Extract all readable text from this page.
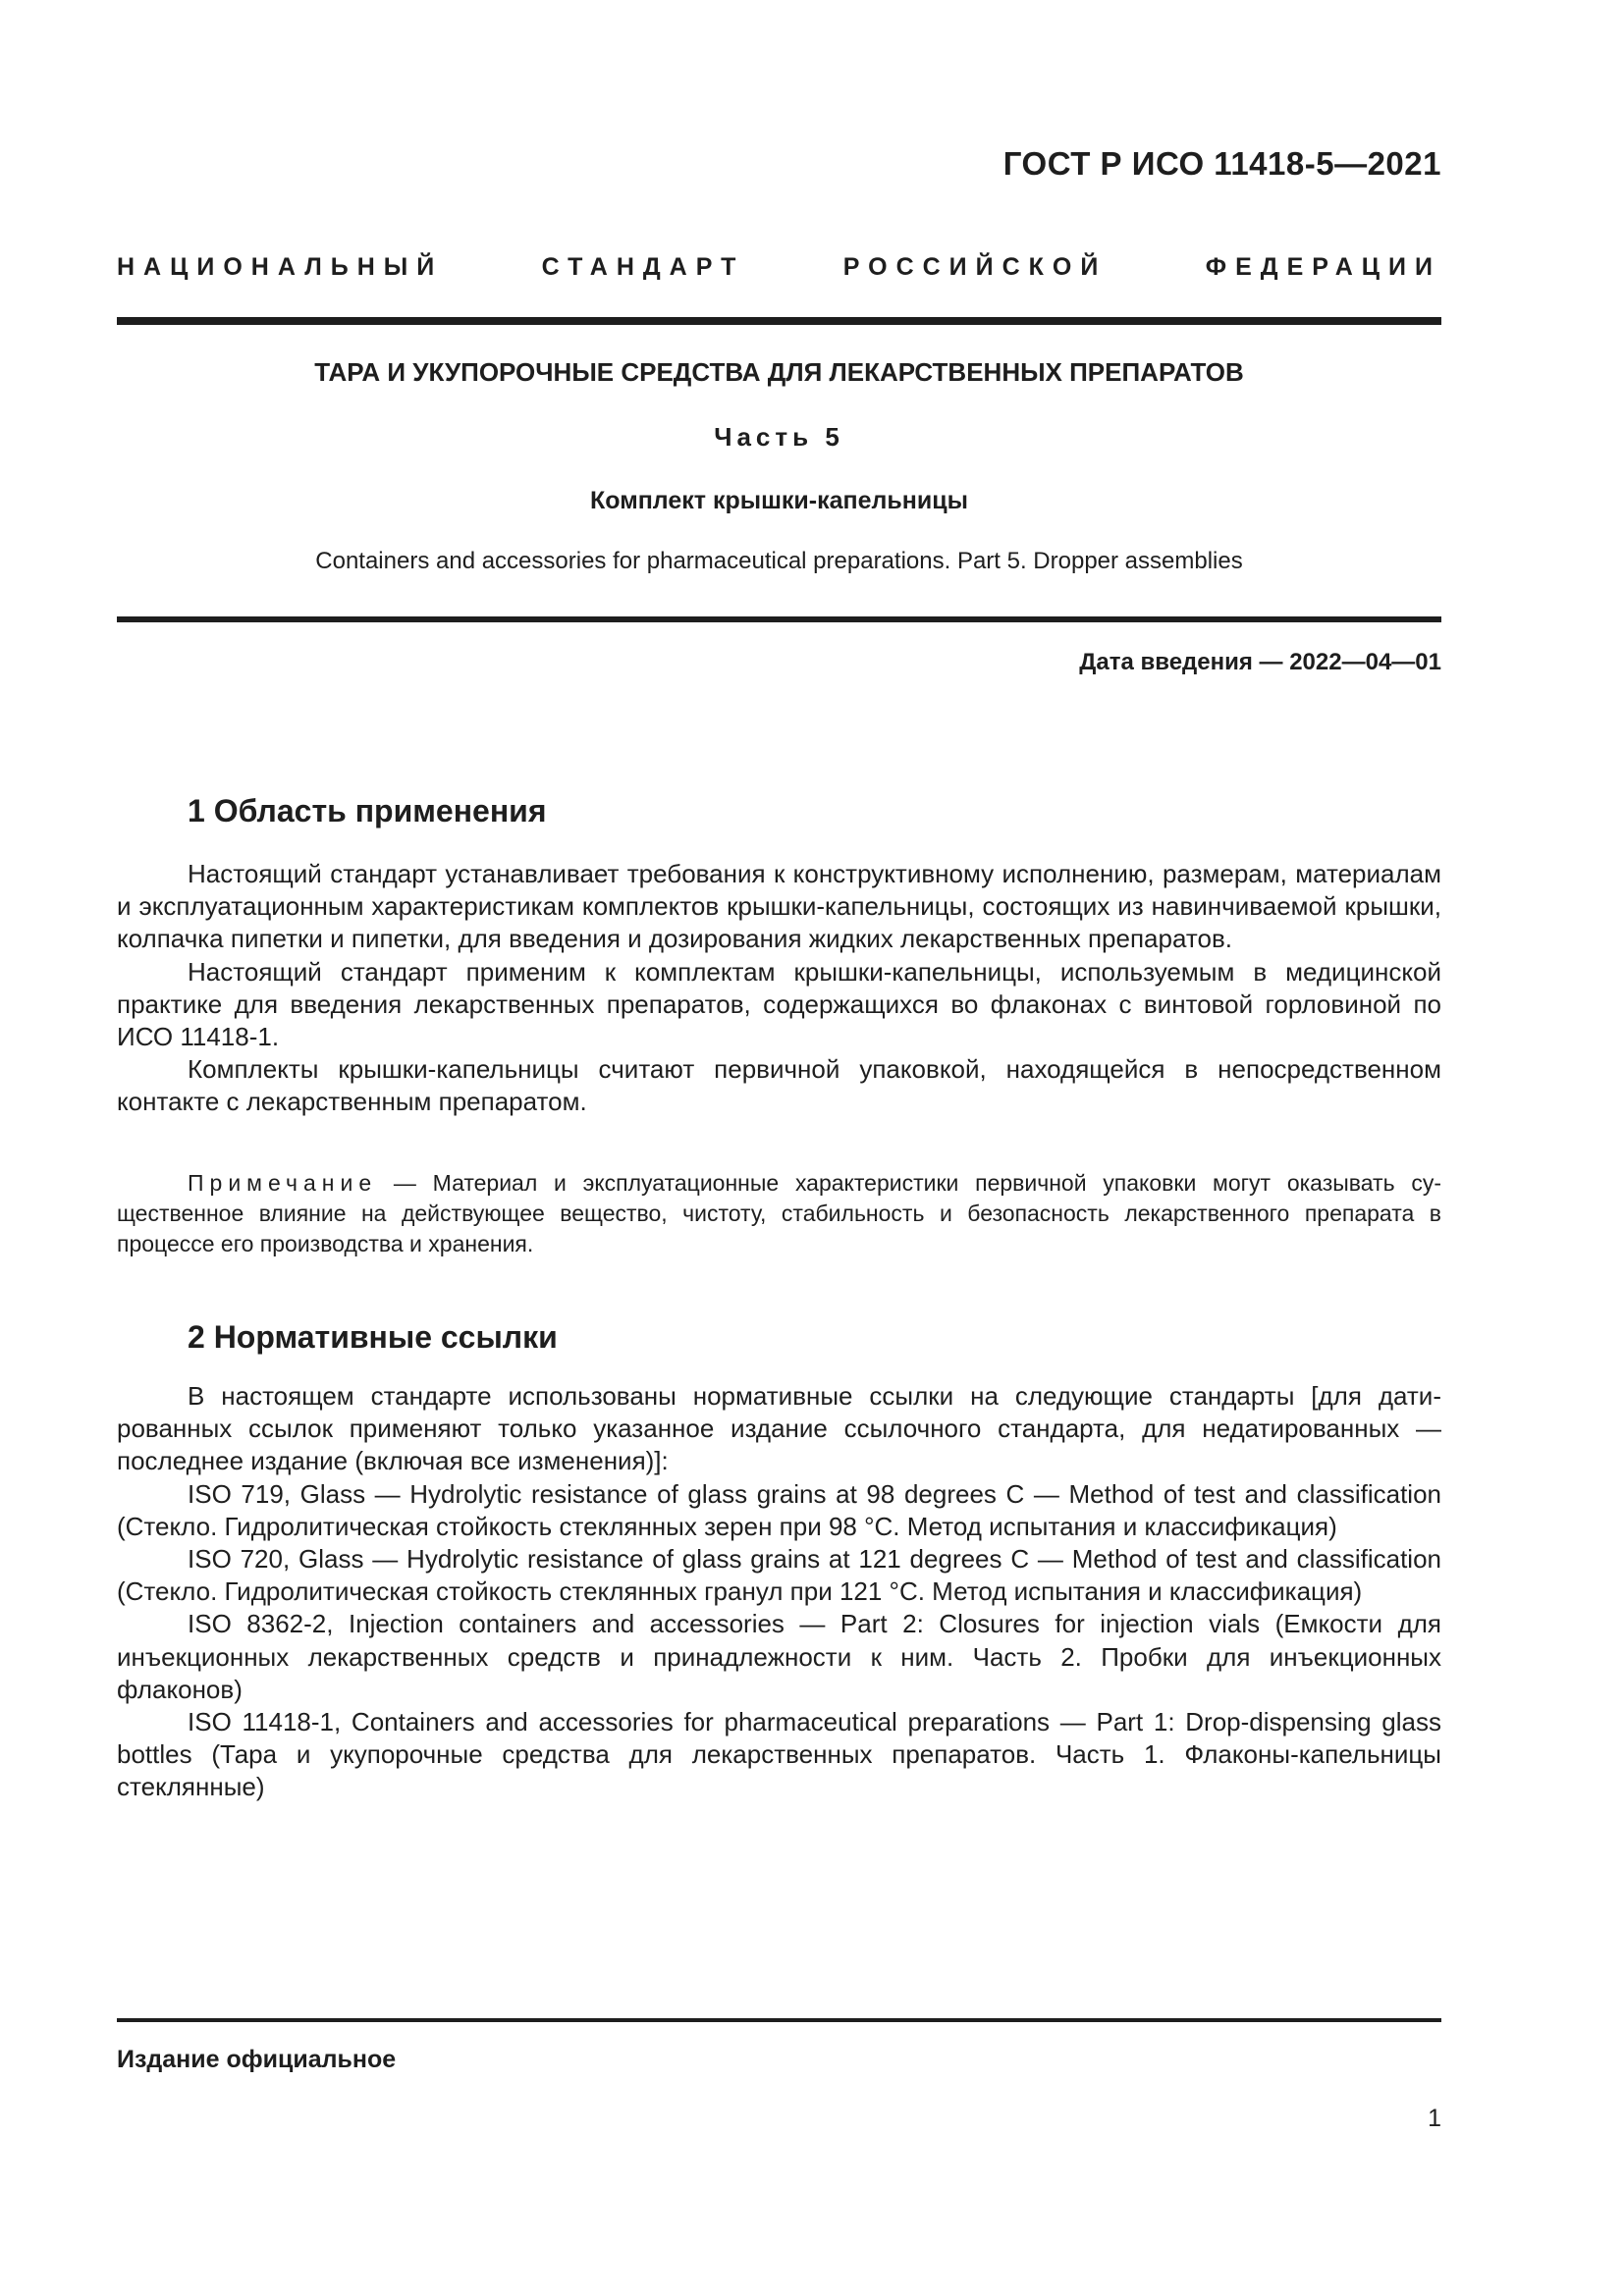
ГОСТ Р ИСО 11418-5—2021
НАЦИОНАЛЬНЫЙ СТАНДАРТ РОССИЙСКОЙ ФЕДЕРАЦИИ
ТАРА И УКУПОРОЧНЫЕ СРЕДСТВА ДЛЯ ЛЕКАРСТВЕННЫХ ПРЕПАРАТОВ
Часть 5
Комплект крышки-капельницы
Containers and accessories for pharmaceutical preparations. Part 5. Dropper assemblies
Дата введения — 2022—04—01
1 Область применения

Настоящий стандарт устанавливает требования к конструктивному исполнению, размерам, материалам и эксплуатационным характеристикам комплектов крышки-капельницы, состоящих из навинчиваемой крышки, колпачка пипетки и пипетки, для введения и дозирования жидких лекарственных препаратов.

Настоящий стандарт применим к комплектам крышки-капельницы, используемым в медицинской практике для введения лекарственных препаратов, содержащихся во флаконах с винтовой горловиной по ИСО 11418-1.

Комплекты крышки-капельницы считают первичной упаковкой, находящейся в непосредственном контакте с лекарственным препаратом.

Примечание — Материал и эксплуатационные характеристики первичной упаковки могут оказывать существенное влияние на действующее вещество, чистоту, стабильность и безопасность лекарственного препарата в процессе его производства и хранения.

2 Нормативные ссылки

В настоящем стандарте использованы нормативные ссылки на следующие стандарты [для датированных ссылок применяют только указанное издание ссылочного стандарта, для недатированных — последнее издание (включая все изменения)]:

ISO 719, Glass — Hydrolytic resistance of glass grains at 98 degrees C — Method of test and classification (Стекло. Гидролитическая стойкость стеклянных зерен при 98 °С. Метод испытания и классификация)

ISO 720, Glass — Hydrolytic resistance of glass grains at 121 degrees C — Method of test and classification (Стекло. Гидролитическая стойкость стеклянных гранул при 121 °С. Метод испытания и классификация)

ISO 8362-2, Injection containers and accessories — Part 2: Closures for injection vials (Емкости для инъекционных лекарственных средств и принадлежности к ним. Часть 2. Пробки для инъекционных флаконов)

ISO 11418-1, Containers and accessories for pharmaceutical preparations — Part 1: Drop-dispensing glass bottles (Тара и укупорочные средства для лекарственных препаратов. Часть 1. Флаконы-капельницы стеклянные)

Издание официальное
1
